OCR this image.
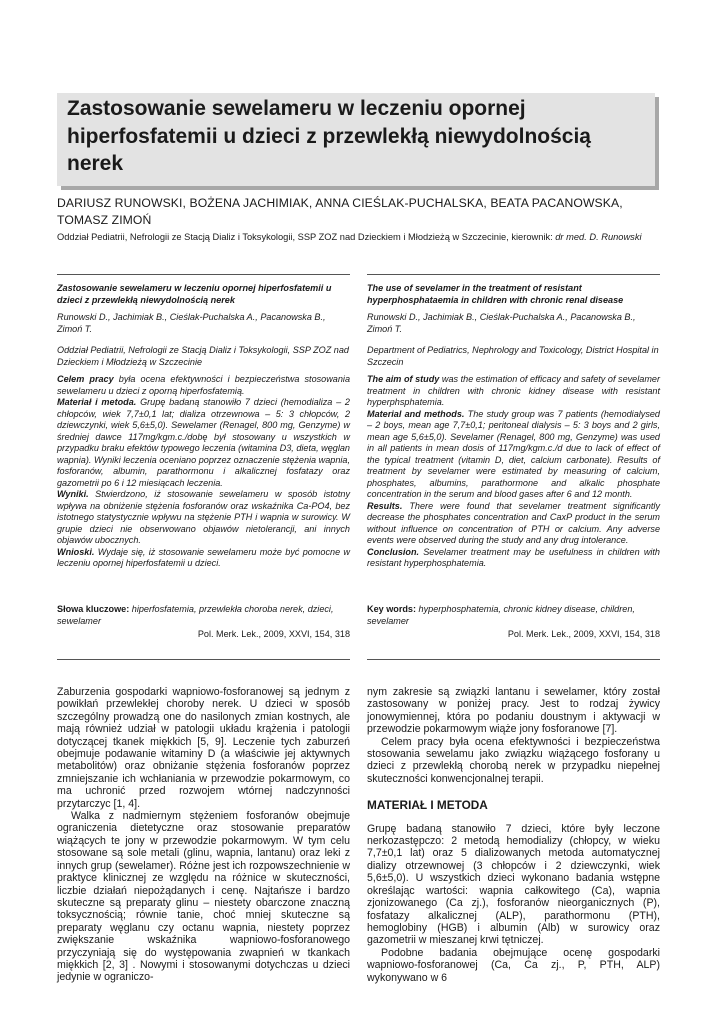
Zastosowanie sewelameru w leczeniu opornej hiperfosfatemii u dzieci z przewlekłą niewydolnością nerek
DARIUSZ RUNOWSKI, BOŻENA JACHIMIAK, ANNA CIEŚLAK-PUCHALSKA, BEATA PACANOWSKA, TOMASZ ZIMOŃ
Oddział Pediatrii, Nefrologii ze Stacją Dializ i Toksykologii, SSP ZOZ nad Dzieckiem i Młodzieżą w Szczecinie, kierownik: dr med. D. Runowski
Zastosowanie sewelameru w leczeniu opornej hiperfosfatemii u dzieci z przewlekłą niewydolnością nerek
Runowski D., Jachimiak B., Cieślak-Puchalska A., Pacanowska B., Zimoń T.
Oddział Pediatrii, Nefrologii ze Stacją Dializ i Toksykologii, SSP ZOZ nad Dzieckiem i Młodzieżą w Szczecinie

Celem pracy była ocena efektywności i bezpieczeństwa stosowania sewelameru u dzieci z oporną hiperfosfatemią.

Materiał i metoda. Grupę badaną stanowiło 7 dzieci (hemodializa – 2 chłopców, wiek 7,7±0,1 lat; dializa otrzewnowa – 5: 3 chłopców, 2 dziewczynki, wiek 5,6±5,0). Sewelamer (Renagel, 800 mg, Genzyme) w średniej dawce 117mg/kgm.c./dobę był stosowany u wszystkich w przypadku braku efektów typowego leczenia (witamina D3, dieta, węglan wapnia). Wyniki leczenia oceniano poprzez oznaczenie stężenia wapnia, fosforanów, albumin, parathormonu i alkalicznej fosfatazy oraz gazometrii po 6 i 12 miesiącach leczenia.

Wyniki. Stwierdzono, iż stosowanie sewelameru w sposób istotny wpływa na obniżenie stężenia fosforanów oraz wskaźnika Ca-PO4, bez istotnego statystycznie wpływu na stężenie PTH i wapnia w surowicy. W grupie dzieci nie obserwowano objawów nietolerancji, ani innych objawów ubocznych.

Wnioski. Wydaje się, iż stosowanie sewelameru może być pomocne w leczeniu opornej hiperfosfatemii u dzieci.

Słowa kluczowe: hiperfosfatemia, przewlekła choroba nerek, dzieci, sewelamer
Pol. Merk. Lek., 2009, XXVI, 154, 318
The use of sevelamer in the treatment of resistant hyperphosphataemia in children with chronic renal disease
Runowski D., Jachimiak B., Cieślak-Puchalska A., Pacanowska B., Zimoń T.
Department of Pediatrics, Nephrology and Toxicology, District Hospital in Szczecin

The aim of study was the estimation of efficacy and safety of sevelamer treatment in children with chronic kidney disease with resistant hyperphsphatemia.

Material and methods. The study group was 7 patients (hemodialysed – 2 boys, mean age 7,7±0,1; peritoneal dialysis – 5: 3 boys and 2 girls, mean age 5,6±5,0). Sevelamer (Renagel, 800 mg, Genzyme) was used in all patients in mean dosis of 117mg/kgm.c./d due to lack of effect of the typical treatment (vitamin D, diet, calcium carbonate). Results of treatment by sevelamer were estimated by measuring of calcium, phosphates, albumins, parathormone and alkalic phosphate concentration in the serum and blood gases after 6 and 12 month.

Results. There were found that sevelamer treatment significantly decrease the phosphates concentration and CaxP product in the serum without influence on concentration of PTH or calcium. Any adverse events were observed during the study and any drug intolerance.

Conclusion. Sevelamer treatment may be usefulness in children with resistant hyperphosphatemia.

Key words: hyperphosphatemia, chronic kidney disease, children, sevelamer
Pol. Merk. Lek., 2009, XXVI, 154, 318

Zaburzenia gospodarki wapniowo-fosforanowej są jednym z powikłań przewlekłej choroby nerek. U dzieci w sposób szczególny prowadzą one do nasilonych zmian kostnych, ale mają również udział w patologii układu krążenia i patologii dotyczącej tkanek miękkich [5, 9]. Leczenie tych zaburzeń obejmuje podawanie witaminy D (a właściwie jej aktywnych metabolitów) oraz obniżanie stężenia fosforanów poprzez zmniejszanie ich wchłaniania w przewodzie pokarmowym, co ma uchronić przed rozwojem wtórnej nadczynności przytarczyc [1, 4].

Walka z nadmiernym stężeniem fosforanów obejmuje ograniczenia dietetyczne oraz stosowanie preparatów wiążących te jony w przewodzie pokarmowym. W tym celu stosowane są sole metali (glinu, wapnia, lantanu) oraz leki z innych grup (sewelamer). Różne jest ich rozpowszechnienie w praktyce klinicznej ze względu na różnice w skuteczności, liczbie działań niepożądanych i cenę. Najtańsze i bardzo skuteczne są preparaty glinu – niestety obarczone znaczną toksycznością; równie tanie, choć mniej skuteczne są preparaty węglanu czy octanu wapnia, niestety poprzez zwiększanie wskaźnika wapniowo-fosforanowego przyczyniają się do występowania zwapnień w tkankach miękkich [2, 3] . Nowymi i stosowanymi dotychczas u dzieci jedynie w ograniczo-

nym zakresie są związki lantanu i sewelamer, który został zastosowany w poniżej pracy. Jest to rodzaj żywicy jonowymiennej, która po podaniu doustnym i aktywacji w przewodzie pokarmowym wiąże jony fosforanowe [7].

Celem pracy była ocena efektywności i bezpieczeństwa stosowania sewelamu jako związku wiążącego fosforany u dzieci z przewlekłą chorobą nerek w przypadku niepełnej skuteczności konwencjonalnej terapii.

MATERIAŁ I METODA

Grupę badaną stanowiło 7 dzieci, które były leczone nerkozastępczo: 2 metodą hemodializy (chłopcy, w wieku 7,7±0,1 lat) oraz 5 dializowanych metoda automatycznej dializy otrzewnowej (3 chłopców i 2 dziewczynki, wiek 5,6±5,0). U wszystkich dzieci wykonano badania wstępne określając wartości: wapnia całkowitego (Ca), wapnia zjonizowanego (Ca zj.), fosforanów nieorganicznych (P), fosfatazy alkalicznej (ALP), parathormonu (PTH), hemoglobiny (HGB) i albumin (Alb) w surowicy oraz gazometrii w mieszanej krwi tętniczej.

Podobne badania obejmujące ocenę gospodarki wapniowo-fosforanowej (Ca, Ca zj., P, PTH, ALP) wykonywano w 6
